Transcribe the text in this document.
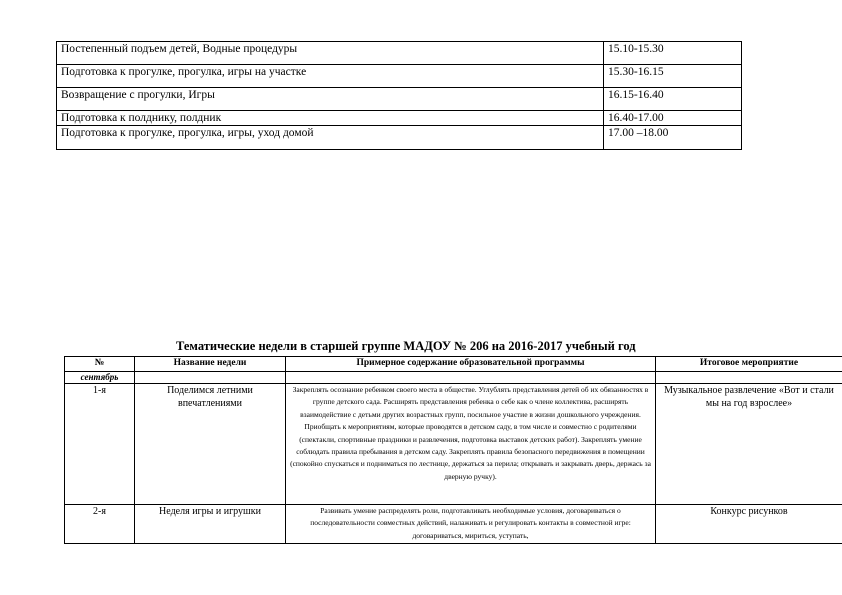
Постепенный подъем детей, Водные процедуры	15.10-15.30
Подготовка к прогулке, прогулка, игры на участке	15.30-16.15
Возвращение с прогулки, Игры	16.15-16.40
Подготовка к полднику, полдник	16.40-17.00
Подготовка к прогулке, прогулка, игры, уход домой	17.00 –18.00
Тематические недели в старшей группе МАДОУ № 206 на 2016-2017 учебный год
№	Название недели	Примерное содержание образовательной программы	Итоговое мероприятие
сентябрь			
1-я	Поделимся летними впечатлениями	Закреплять осознание ребенком своего места в обществе. Углублять представления детей об их обязанностях в группе детского сада. Расширять представления ребенка о себе как о члене коллектива, расширять взаимодействие с детьми других возрастных групп, посильное участие в жизни дошкольного учреждения. Приобщать к мероприятиям, которые проводятся в детском саду, в том числе и совместно с родителями (спектакли, спортивные праздники и развлечения, подготовка выставок детских работ). Закреплять умение соблюдать правила пребывания в детском саду. Закреплять правила безопасного передвижения в помещении (спокойно спускаться и подниматься по лестнице, держаться за перила; открывать и закрывать дверь, держась за дверную ручку).	Музыкальное развлечение «Вот и стали мы на год взрослее»
2-я	Неделя игры и игрушки	Развивать умение распределять роли, подготавливать необходимые условия, договариваться о последовательности совместных действий, налаживать и регулировать контакты в совместной игре: договариваться, мириться, уступать,	Конкурс рисунков
